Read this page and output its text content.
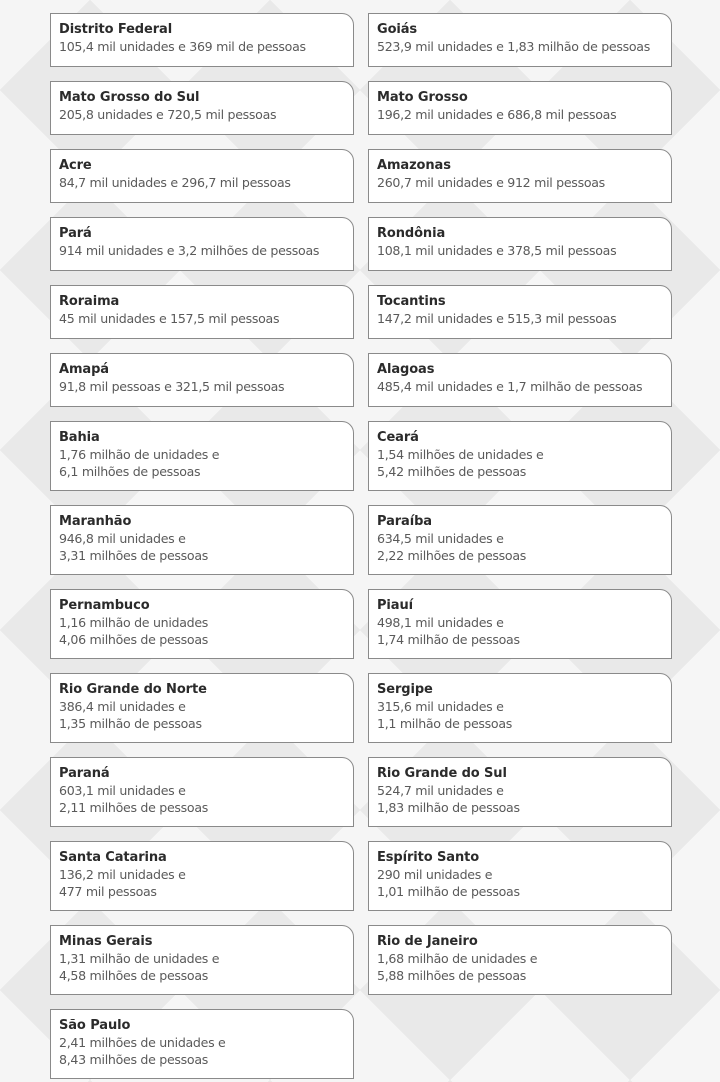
Distrito Federal
105,4 mil unidades e 369 mil de pessoas
Goiás
523,9 mil unidades e 1,83 milhão de pessoas
Mato Grosso do Sul
205,8 unidades e 720,5 mil pessoas
Mato Grosso
196,2 mil unidades e 686,8 mil pessoas
Acre
84,7 mil unidades e 296,7 mil pessoas
Amazonas
260,7 mil unidades e 912 mil pessoas
Pará
914 mil unidades e 3,2 milhões de pessoas
Rondônia
108,1 mil unidades e 378,5 mil pessoas
Roraima
45 mil unidades e 157,5 mil pessoas
Tocantins
147,2 mil unidades e 515,3 mil pessoas
Amapá
91,8 mil pessoas e 321,5 mil pessoas
Alagoas
485,4 mil unidades e 1,7 milhão de pessoas
Bahia
1,76 milhão de unidades e
6,1 milhões de pessoas
Ceará
1,54 milhões de unidades e
5,42 milhões de pessoas
Maranhão
946,8 mil unidades e
3,31 milhões de pessoas
Paraíba
634,5 mil unidades e
2,22 milhões de pessoas
Pernambuco
1,16 milhão de unidades
4,06 milhões de pessoas
Piauí
498,1 mil unidades e
1,74 milhão de pessoas
Rio Grande do Norte
386,4 mil unidades e
1,35 milhão de pessoas
Sergipe
315,6 mil unidades e
1,1 milhão de pessoas
Paraná
603,1 mil unidades e
2,11 milhões de pessoas
Rio Grande do Sul
524,7 mil unidades e
1,83 milhão de pessoas
Santa Catarina
136,2 mil unidades e
477 mil pessoas
Espírito Santo
290 mil unidades e
1,01 milhão de pessoas
Minas Gerais
1,31 milhão de unidades e
4,58 milhões de pessoas
Rio de Janeiro
1,68 milhão de unidades e
5,88 milhões de pessoas
São Paulo
2,41 milhões de unidades e
8,43 milhões de pessoas
